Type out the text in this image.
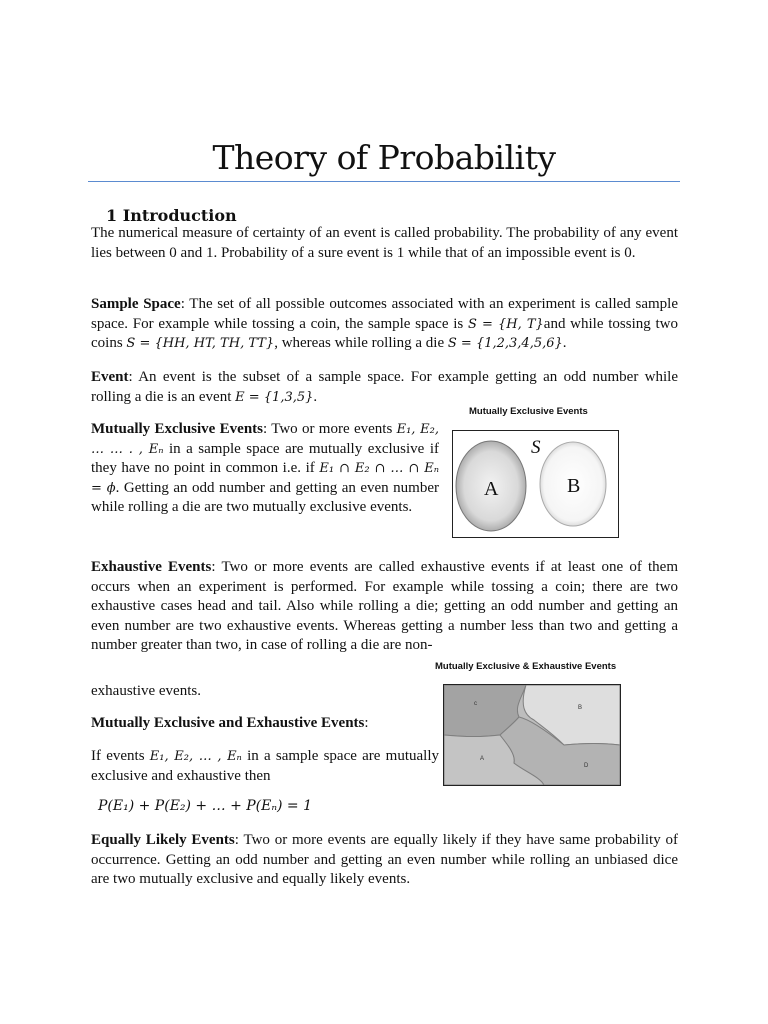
Theory of Probability
1 Introduction

The numerical measure of certainty of an event is called probability. The probability of any event lies between 0 and 1. Probability of a sure event is 1 while that of an impossible event is 0.

Sample Space: The set of all possible outcomes associated with an experiment is called sample space. For example while tossing a coin, the sample space is S = {H, T}and while tossing two coins S = {HH, HT, TH, TT}, whereas while rolling a die S = {1,2,3,4,5,6}.

Event: An event is the subset of a sample space. For example getting an odd number while rolling a die is an event E = {1,3,5}.

Mutually Exclusive Events

Mutually Exclusive Events: Two or more events E₁, E₂, … … . , Eₙ in a sample space are mutually exclusive if they have no point in common i.e. if E₁ ∩ E₂ ∩ … ∩ Eₙ = ϕ. Getting an odd number and getting an even number while rolling a die are two mutually exclusive events.

S
A	B

Exhaustive Events: Two or more events are called exhaustive events if at least one of them occurs when an experiment is performed. For example while tossing a coin; there are two exhaustive cases head and tail. Also while rolling a die; getting an odd number and getting an even number are two exhaustive events. Whereas getting a number less than two and getting a number greater than two, in case of rolling a die are non-

Mutually Exclusive & Exhaustive Events
exhaustive events.
Mutually Exclusive and Exhaustive Events:

If events E₁, E₂, … , Eₙ in a sample space are mutually exclusive and exhaustive then

c
B
A
D
P(E₁) + P(E₂) + … + P(Eₙ) = 1

Equally Likely Events: Two or more events are equally likely if they have same probability of occurrence. Getting an odd number and getting an even number while rolling an unbiased dice are two mutually exclusive and equally likely events.
